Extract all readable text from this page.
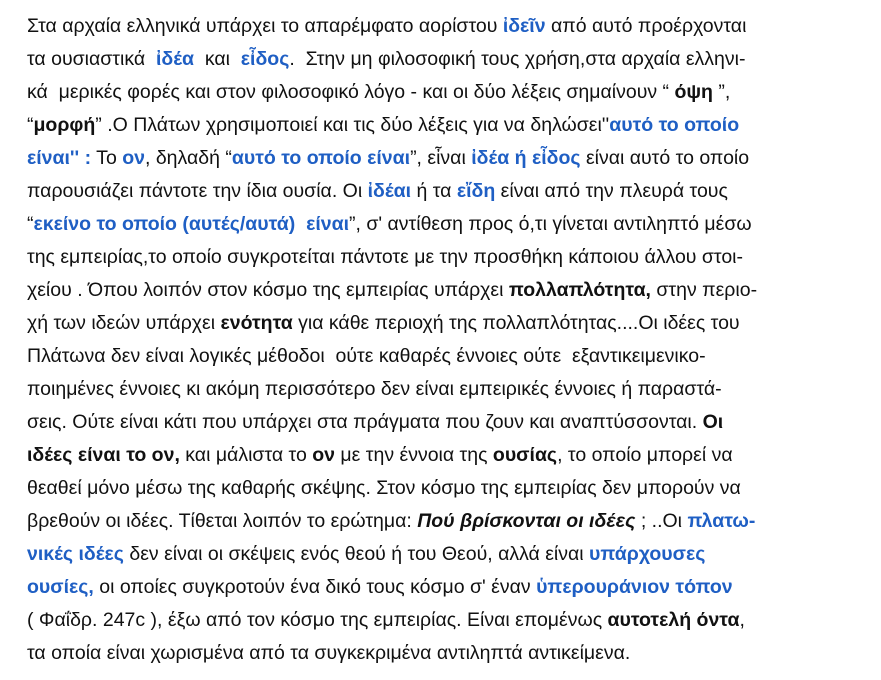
Στα αρχαία ελληνικά υπάρχει το απαρέμφατο αορίστου ἰδεῖν από αυτό προέρχονται
τα ουσιαστικά  ἰδέα  και  εἶδος.  Στην μη φιλοσοφική τους χρήση,στα αρχαία ελληνι-
κά  μερικές φορές και στον φιλοσοφικό λόγο - και οι δύο λέξεις σημαίνουν “ όψη ”,
“μορφή” .Ο Πλάτων χρησιμοποιεί και τις δύο λέξεις για να δηλώσει''αυτό το οποίο
είναι'' : Το ον, δηλαδή “αυτό το οποίο είναι”, εἶναι ἰδέα ή εἶδος είναι αυτό το οποίο
παρουσιάζει πάντοτε την ίδια ουσία. Οι ἰδέαι ή τα εἴδη είναι από την πλευρά τους
“εκείνο το οποίο (αυτές/αυτά)  είναι”, σ' αντίθεση προς ό,τι γίνεται αντιληπτό μέσω
της εμπειρίας,το οποίο συγκροτείται πάντοτε με την προσθήκη κάποιου άλλου στοι-
χείου . Όπου λοιπόν στον κόσμο της εμπειρίας υπάρχει πολλαπλότητα, στην περιο-
χή των ιδεών υπάρχει ενότητα για κάθε περιοχή της πολλαπλότητας....Οι ιδέες του
Πλάτωνα δεν είναι λογικές μέθοδοι  ούτε καθαρές έννοιες ούτε  εξαντικειμενικο-
ποιημένες έννοιες κι ακόμη περισσότερο δεν είναι εμπειρικές έννοιες ή παραστά-
σεις. Ούτε είναι κάτι που υπάρχει στα πράγματα που ζουν και αναπτύσσονται. Οι
ιδέες είναι το ον, και μάλιστα το ον με την έννοια της ουσίας, το οποίο μπορεί να
θεαθεί μόνο μέσω της καθαρής σκέψης. Στον κόσμο της εμπειρίας δεν μπορούν να
βρεθούν οι ιδέες. Τίθεται λοιπόν το ερώτημα: Πού βρίσκονται οι ιδέες ; ..Οι πλατω-
νικές ιδέες δεν είναι οι σκέψεις ενός θεού ή του Θεού, αλλά είναι υπάρχουσες
ουσίες, οι οποίες συγκροτούν ένα δικό τους κόσμο σ' έναν ὑπερουράνιον τόπον
( Φαΐδρ. 247c ), έξω από τον κόσμο της εμπειρίας. Είναι επομένως αυτοτελή όντα,
τα οποία είναι χωρισμένα από τα συγκεκριμένα αντιληπτά αντικείμενα.
